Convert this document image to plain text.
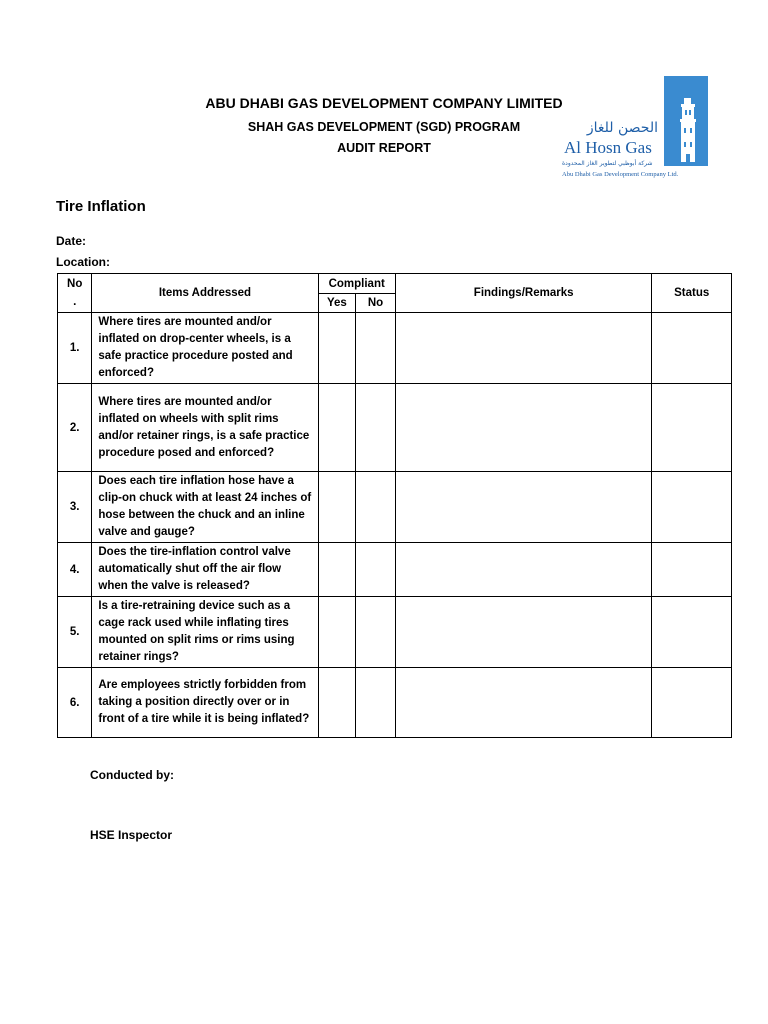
ABU DHABI GAS DEVELOPMENT COMPANY LIMITED
SHAH GAS DEVELOPMENT (SGD) PROGRAM
AUDIT REPORT
الحصن للغاز
Al Hosn Gas
شركة أبوظبي لتطوير الغاز المحدودة
Abu Dhabi Gas Development Company Ltd.
Tire Inflation
Date:
Location:
No
.	Items Addressed	Compliant		Findings/Remarks	Status
		Yes	No		
1.	Where tires are mounted and/or inflated on drop-center wheels, is a safe practice procedure posted and enforced?				
2.	Where tires are mounted and/or inflated on wheels with split rims and/or retainer rings, is a safe practice procedure posed and enforced?				
3.	Does each tire inflation hose have a clip-on chuck with at least 24 inches of hose between the chuck and an inline valve and gauge?				
4.	Does the tire-inflation control valve automatically shut off the air flow when the valve is released?				
5.	Is a tire-retraining device such as a cage rack used while inflating tires mounted on split rims or rims using retainer rings?				
6.	Are employees strictly forbidden from taking a position directly over or in front of a tire while it is being inflated?				
Conducted by:
HSE Inspector
